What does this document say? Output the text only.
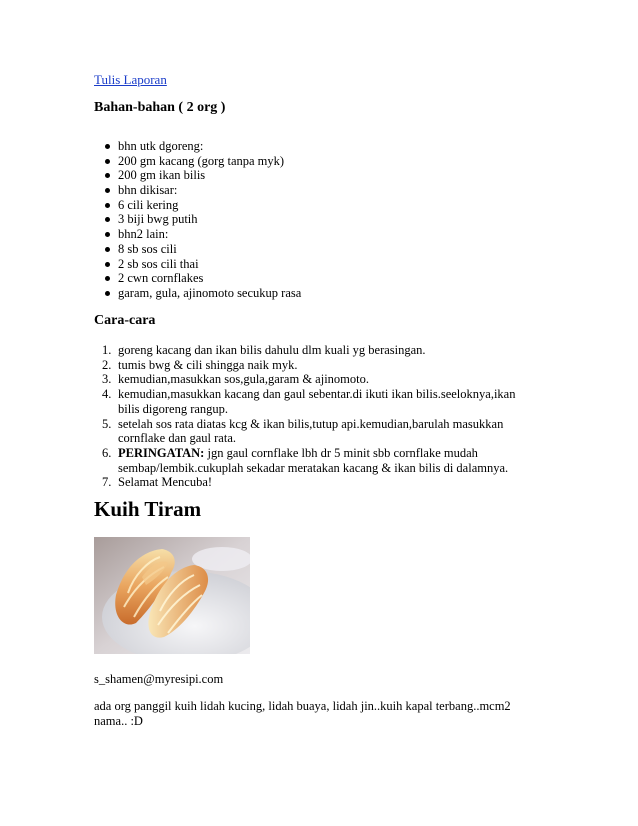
Tulis Laporan
Bahan-bahan ( 2 org )
bhn utk dgoreng:
200 gm kacang (gorg tanpa myk)
200 gm ikan bilis
bhn dikisar:
6 cili kering
3 biji bwg putih
bhn2 lain:
8 sb sos cili
2 sb sos cili thai
2 cwn cornflakes
garam, gula, ajinomoto secukup rasa
Cara-cara
1. goreng kacang dan ikan bilis dahulu dlm kuali yg berasingan.
2. tumis bwg & cili shingga naik myk.
3. kemudian,masukkan sos,gula,garam & ajinomoto.
4. kemudian,masukkan kacang dan gaul sebentar.di ikuti ikan bilis.seeloknya,ikan bilis digoreng rangup.
5. setelah sos rata diatas kcg & ikan bilis,tutup api.kemudian,barulah masukkan cornflake dan gaul rata.
6. PERINGATAN: jgn gaul cornflake lbh dr 5 minit sbb cornflake mudah sembap/lembik.cukuplah sekadar meratakan kacang & ikan bilis di dalamnya.
7. Selamat Mencuba!
Kuih Tiram
s_shamen@myresipi.com
ada org panggil kuih lidah kucing, lidah buaya, lidah jin..kuih kapal terbang..mcm2 nama.. :D
